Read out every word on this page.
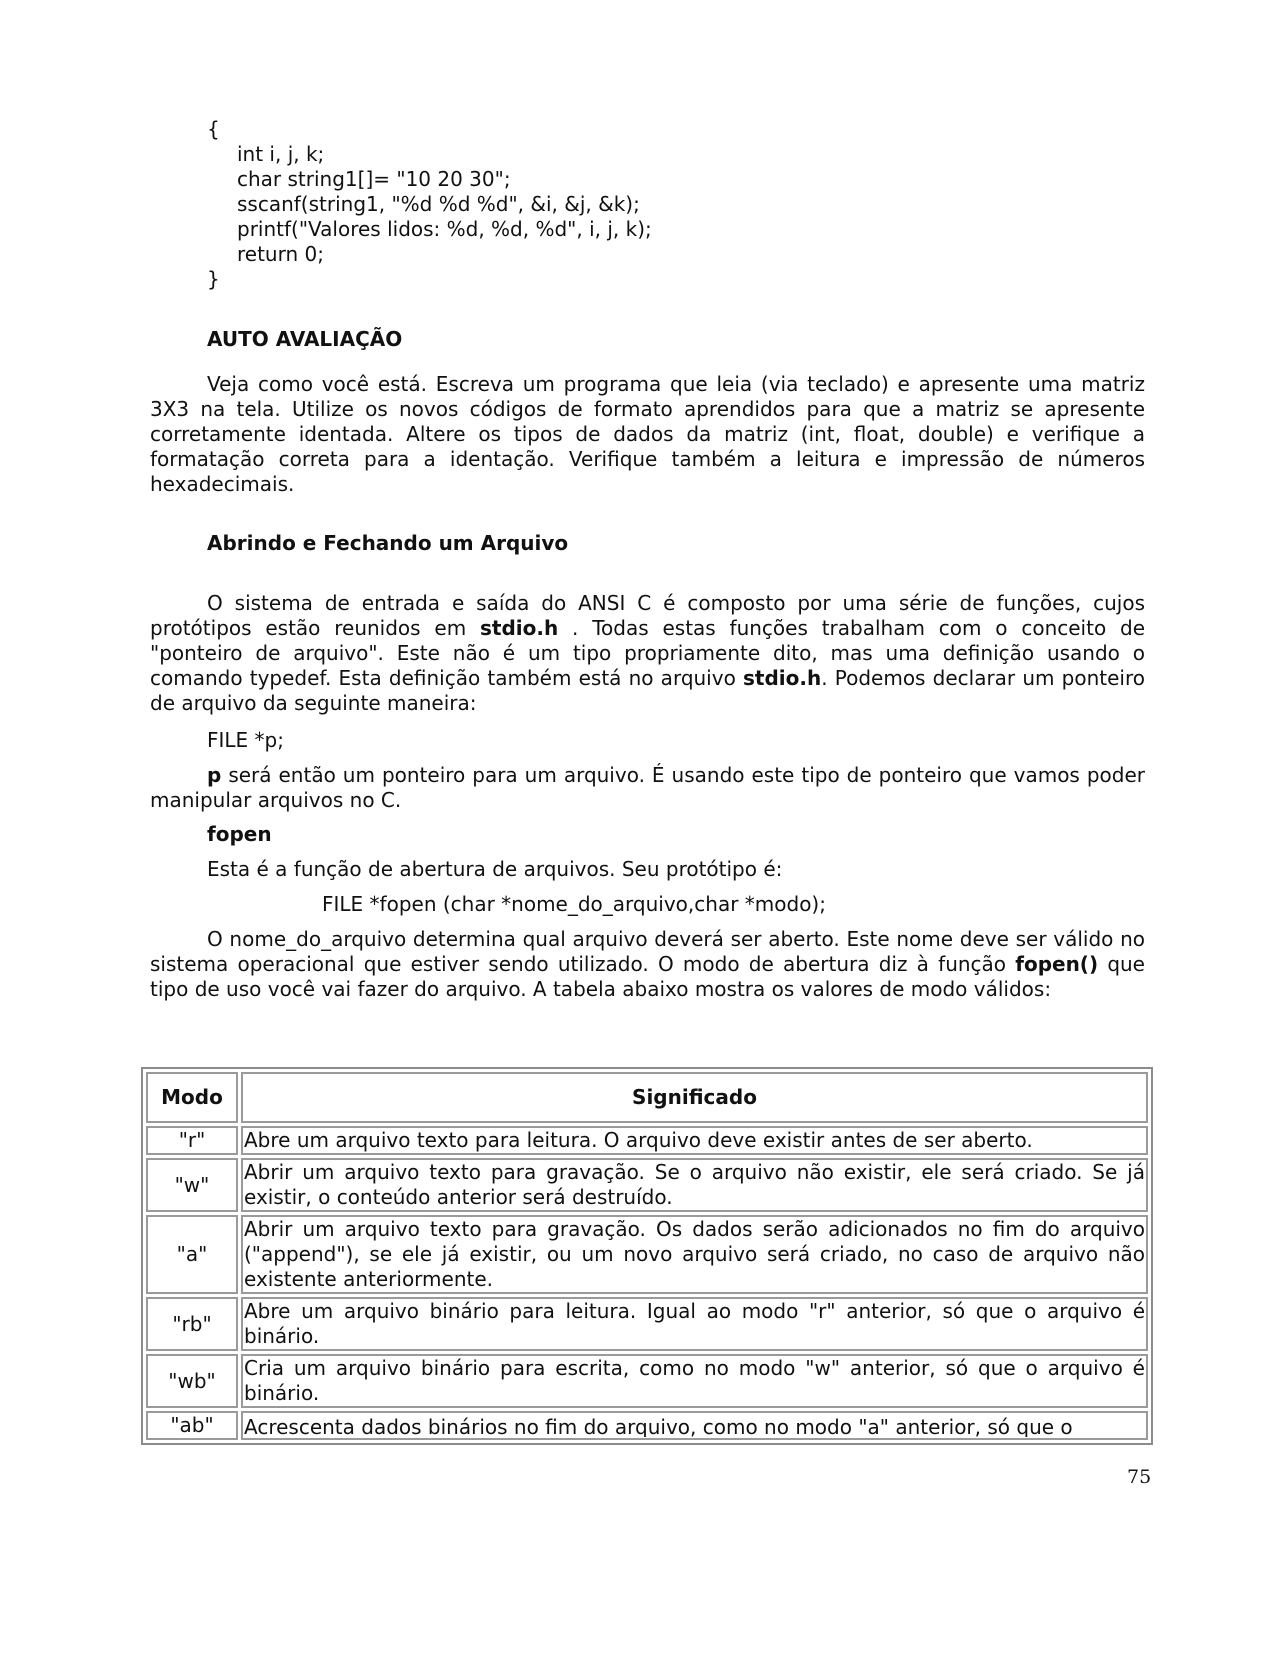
{
int i, j, k;
char string1[]= "10 20 30";
sscanf(string1, "%d %d %d", &i, &j, &k);
printf("Valores lidos: %d, %d, %d", i, j, k);
return 0;
}
AUTO AVALIAÇÃO
Veja como você está. Escreva um programa que leia (via teclado) e apresente uma matriz 3X3 na tela. Utilize os novos códigos de formato aprendidos para que a matriz se apresente corretamente identada. Altere os tipos de dados da matriz (int, float, double) e verifique a formatação correta para a identação. Verifique também a leitura e impressão de números hexadecimais.
Abrindo e Fechando um Arquivo
O sistema de entrada e saída do ANSI C é composto por uma série de funções, cujos protótipos estão reunidos em stdio.h . Todas estas funções trabalham com o conceito de "ponteiro de arquivo". Este não é um tipo propriamente dito, mas uma definição usando o comando typedef. Esta definição também está no arquivo stdio.h. Podemos declarar um ponteiro de arquivo da seguinte maneira:
FILE *p;
p será então um ponteiro para um arquivo. É usando este tipo de ponteiro que vamos poder manipular arquivos no C.
fopen
Esta é a função de abertura de arquivos. Seu protótipo é:
FILE *fopen (char *nome_do_arquivo,char *modo);
O nome_do_arquivo determina qual arquivo deverá ser aberto. Este nome deve ser válido no sistema operacional que estiver sendo utilizado. O modo de abertura diz à função fopen() que tipo de uso você vai fazer do arquivo. A tabela abaixo mostra os valores de modo válidos:
Modo	Significado
"r"	Abre um arquivo texto para leitura. O arquivo deve existir antes de ser aberto.
"w"	Abrir um arquivo texto para gravação. Se o arquivo não existir, ele será criado. Se já existir, o conteúdo anterior será destruído.
"a"	Abrir um arquivo texto para gravação. Os dados serão adicionados no fim do arquivo ("append"), se ele já existir, ou um novo arquivo será criado, no caso de arquivo não existente anteriormente.
"rb"	Abre um arquivo binário para leitura. Igual ao modo "r" anterior, só que o arquivo é binário.
"wb"	Cria um arquivo binário para escrita, como no modo "w" anterior, só que o arquivo é binário.
"ab"	Acrescenta dados binários no fim do arquivo, como no modo "a" anterior, só que o
75
